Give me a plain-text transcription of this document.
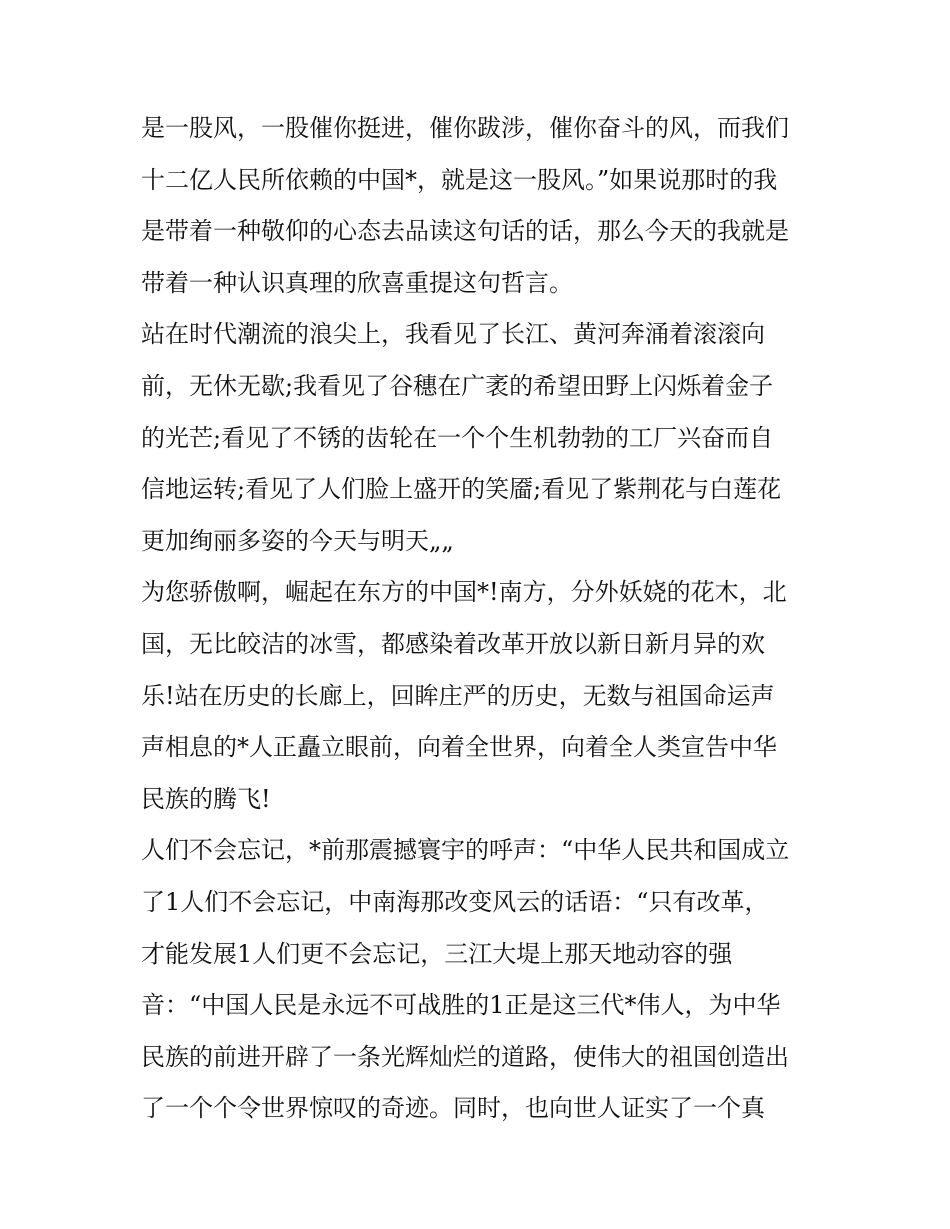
是一股风，一股催你挺进，催你跋涉，催你奋斗的风，而我们
十二亿人民所依赖的中国*，就是这一股风。”如果说那时的我
是带着一种敬仰的心态去品读这句话的话，那么今天的我就是
带着一种认识真理的欣喜重提这句哲言。
站在时代潮流的浪尖上，我看见了长江、黄河奔涌着滚滚向
前，无休无歇;我看见了谷穗在广袤的希望田野上闪烁着金子
的光芒;看见了不锈的齿轮在一个个生机勃勃的工厂兴奋而自
信地运转;看见了人们脸上盛开的笑靥;看见了紫荆花与白莲花
更加绚丽多姿的今天与明天„„
为您骄傲啊，崛起在东方的中国*!南方，分外妖娆的花木，北
国，无比皎洁的冰雪，都感染着改革开放以新日新月异的欢
乐!站在历史的长廊上，回眸庄严的历史，无数与祖国命运声
声相息的*人正矗立眼前，向着全世界，向着全人类宣告中华
民族的腾飞!
人们不会忘记，*前那震撼寰宇的呼声：“中华人民共和国成立
了1人们不会忘记，中南海那改变风云的话语：“只有改革，
才能发展1人们更不会忘记，三江大堤上那天地动容的强
音：“中国人民是永远不可战胜的1正是这三代*伟人，为中华
民族的前进开辟了一条光辉灿烂的道路，使伟大的祖国创造出
了一个个令世界惊叹的奇迹。同时，也向世人证实了一个真
